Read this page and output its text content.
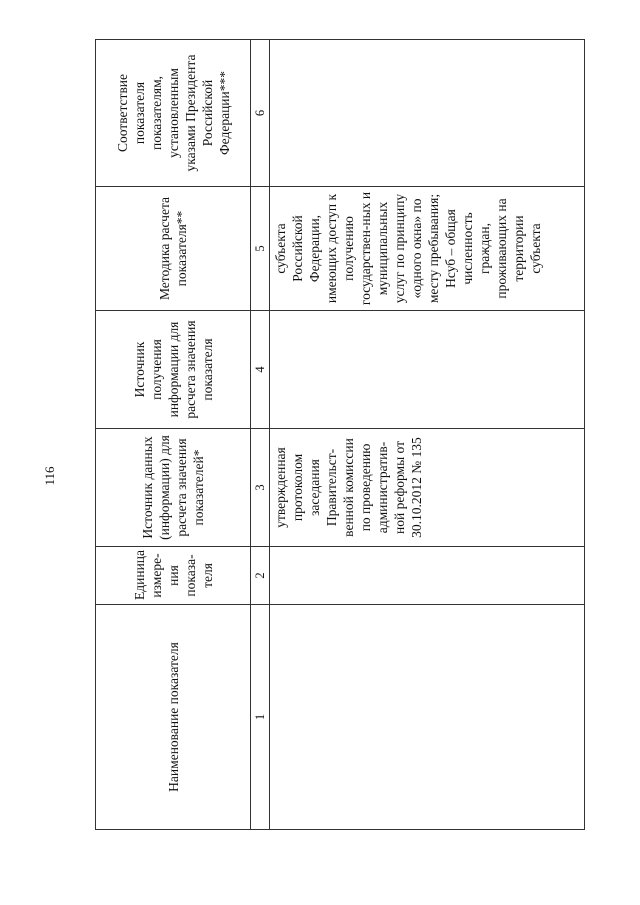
116
Наименование показателя	Единица измере-ния показа-теля	Источник данных (информации) для расчета значения показателей*	Источник получения информации для расчета значения показателя	Методика расчета показателя**	Соответствие показателя показателям, установленным указами Президента Российской Федерации***
1	2	3	4	5	6
		утвержденная протоколом заседания Правительст-венной комиссии по проведению административ-ной реформы от 30.10.2012 № 135		субъекта Российской Федерации, имеющих доступ к получению государствен-ных и муниципальных услуг по принципу «одного окна» по месту пребывания; Нсуб – общая численность граждан, проживающих на территории субъекта	
